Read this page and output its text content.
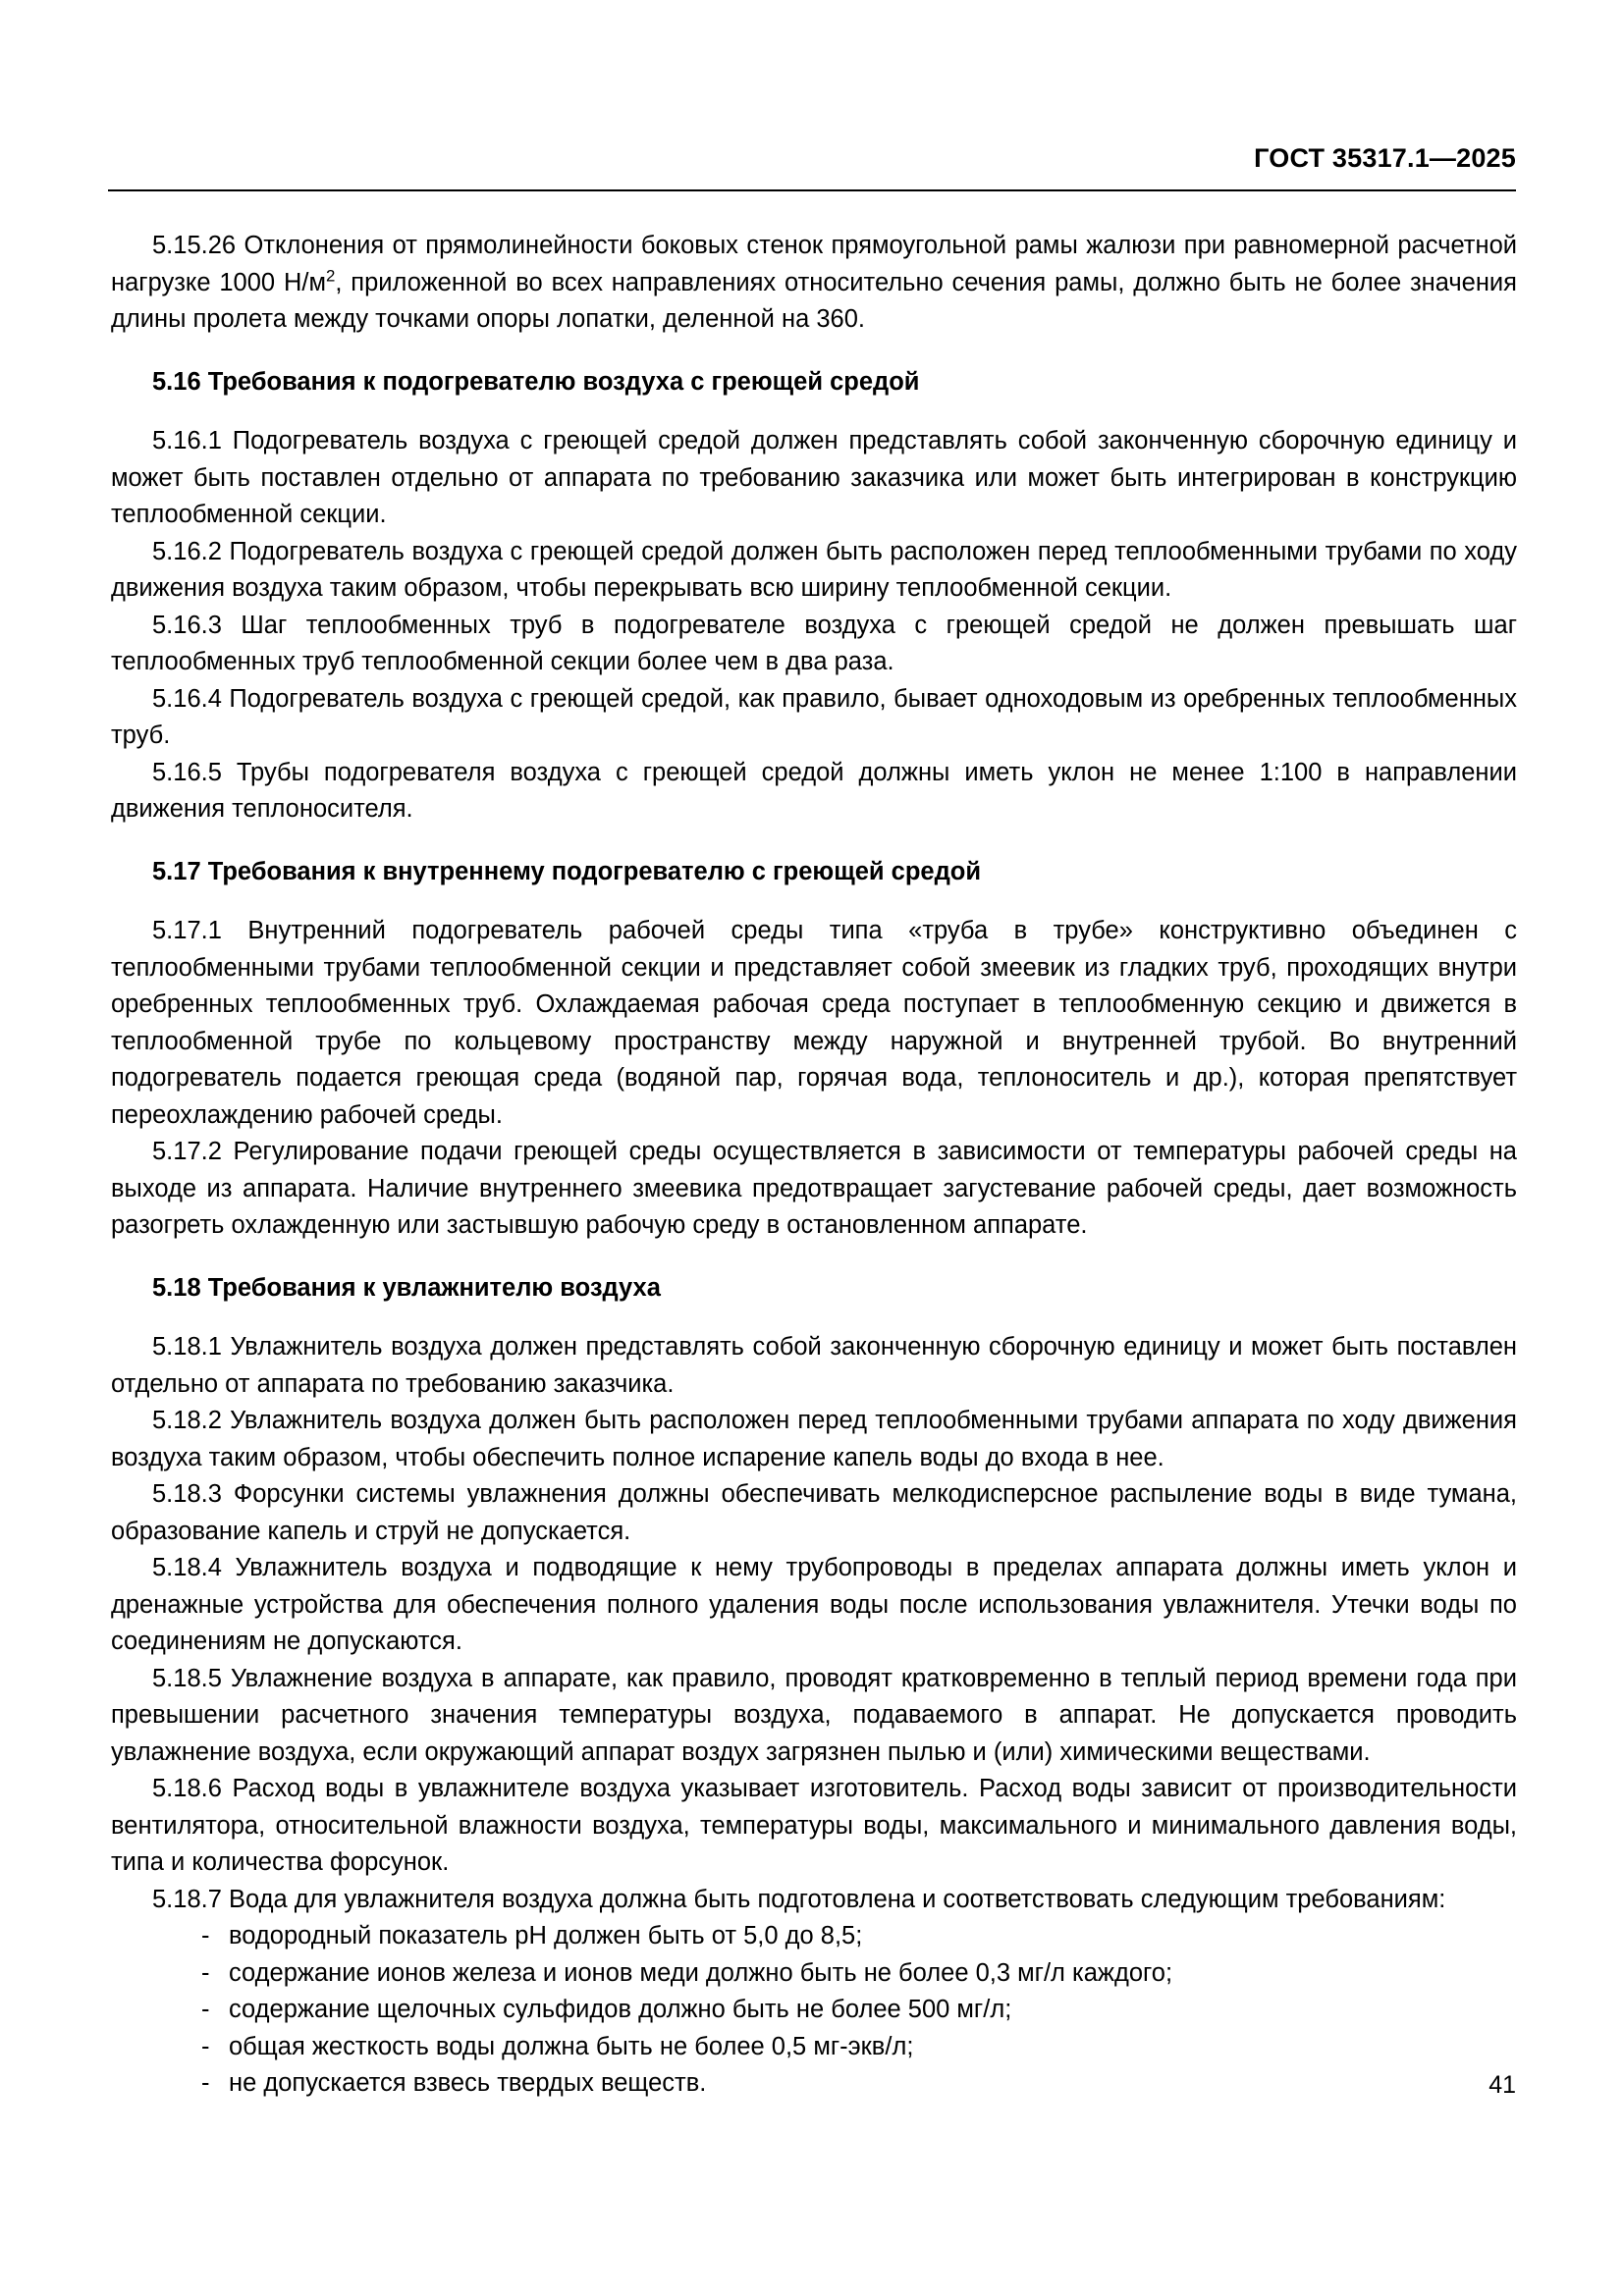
ГОСТ 35317.1—2025

5.15.26 Отклонения от прямолинейности боковых стенок прямоугольной рамы жалюзи при равномерной расчетной нагрузке 1000 $Н/м^2$, приложенной во всех направлениях относительно сечения рамы, должно быть не более значения длины пролета между точками опоры лопатки, деленной на 360.

5.16 Требования к подогревателю воздуха с греющей средой

5.16.1 Подогреватель воздуха с греющей средой должен представлять собой законченную сборочную единицу и может быть поставлен отдельно от аппарата по требованию заказчика или может быть интегрирован в конструкцию теплообменной секции.

5.16.2 Подогреватель воздуха с греющей средой должен быть расположен перед теплообменными трубами по ходу движения воздуха таким образом, чтобы перекрывать всю ширину теплообменной секции.

5.16.3 Шаг теплообменных труб в подогревателе воздуха с греющей средой не должен превышать шаг теплообменных труб теплообменной секции более чем в два раза.

5.16.4 Подогреватель воздуха с греющей средой, как правило, бывает одноходовым из оребренных теплообменных труб.

5.16.5 Трубы подогревателя воздуха с греющей средой должны иметь уклон не менее 1:100 в направлении движения теплоносителя.

5.17 Требования к внутреннему подогревателю с греющей средой

5.17.1 Внутренний подогреватель рабочей среды типа «труба в трубе» конструктивно объединен с теплообменными трубами теплообменной секции и представляет собой змеевик из гладких труб, проходящих внутри оребренных теплообменных труб. Охлаждаемая рабочая среда поступает в теплообменную секцию и движется в теплообменной трубе по кольцевому пространству между наружной и внутренней трубой. Во внутренний подогреватель подается греющая среда (водяной пар, горячая вода, теплоноситель и др.), которая препятствует переохлаждению рабочей среды.

5.17.2 Регулирование подачи греющей среды осуществляется в зависимости от температуры рабочей среды на выходе из аппарата. Наличие внутреннего змеевика предотвращает загустевание рабочей среды, дает возможность разогреть охлажденную или застывшую рабочую среду в остановленном аппарате.

5.18 Требования к увлажнителю воздуха

5.18.1 Увлажнитель воздуха должен представлять собой законченную сборочную единицу и может быть поставлен отдельно от аппарата по требованию заказчика.

5.18.2 Увлажнитель воздуха должен быть расположен перед теплообменными трубами аппарата по ходу движения воздуха таким образом, чтобы обеспечить полное испарение капель воды до входа в нее.

5.18.3 Форсунки системы увлажнения должны обеспечивать мелкодисперсное распыление воды в виде тумана, образование капель и струй не допускается.

5.18.4 Увлажнитель воздуха и подводящие к нему трубопроводы в пределах аппарата должны иметь уклон и дренажные устройства для обеспечения полного удаления воды после использования увлажнителя. Утечки воды по соединениям не допускаются.

5.18.5 Увлажнение воздуха в аппарате, как правило, проводят кратковременно в теплый период времени года при превышении расчетного значения температуры воздуха, подаваемого в аппарат. Не допускается проводить увлажнение воздуха, если окружающий аппарат воздух загрязнен пылью и (или) химическими веществами.

5.18.6 Расход воды в увлажнителе воздуха указывает изготовитель. Расход воды зависит от производительности вентилятора, относительной влажности воздуха, температуры воды, максимального и минимального давления воды, типа и количества форсунок.

5.18.7 Вода для увлажнителя воздуха должна быть подготовлена и соответствовать следующим требованиям:

- водородный показатель pH должен быть от 5,0 до 8,5;
- содержание ионов железа и ионов меди должно быть не более 0,3 мг/л каждого;
- содержание щелочных сульфидов должно быть не более 500 мг/л;
- общая жесткость воды должна быть не более 0,5 мг-экв/л;
- не допускается взвесь твердых веществ.	41
